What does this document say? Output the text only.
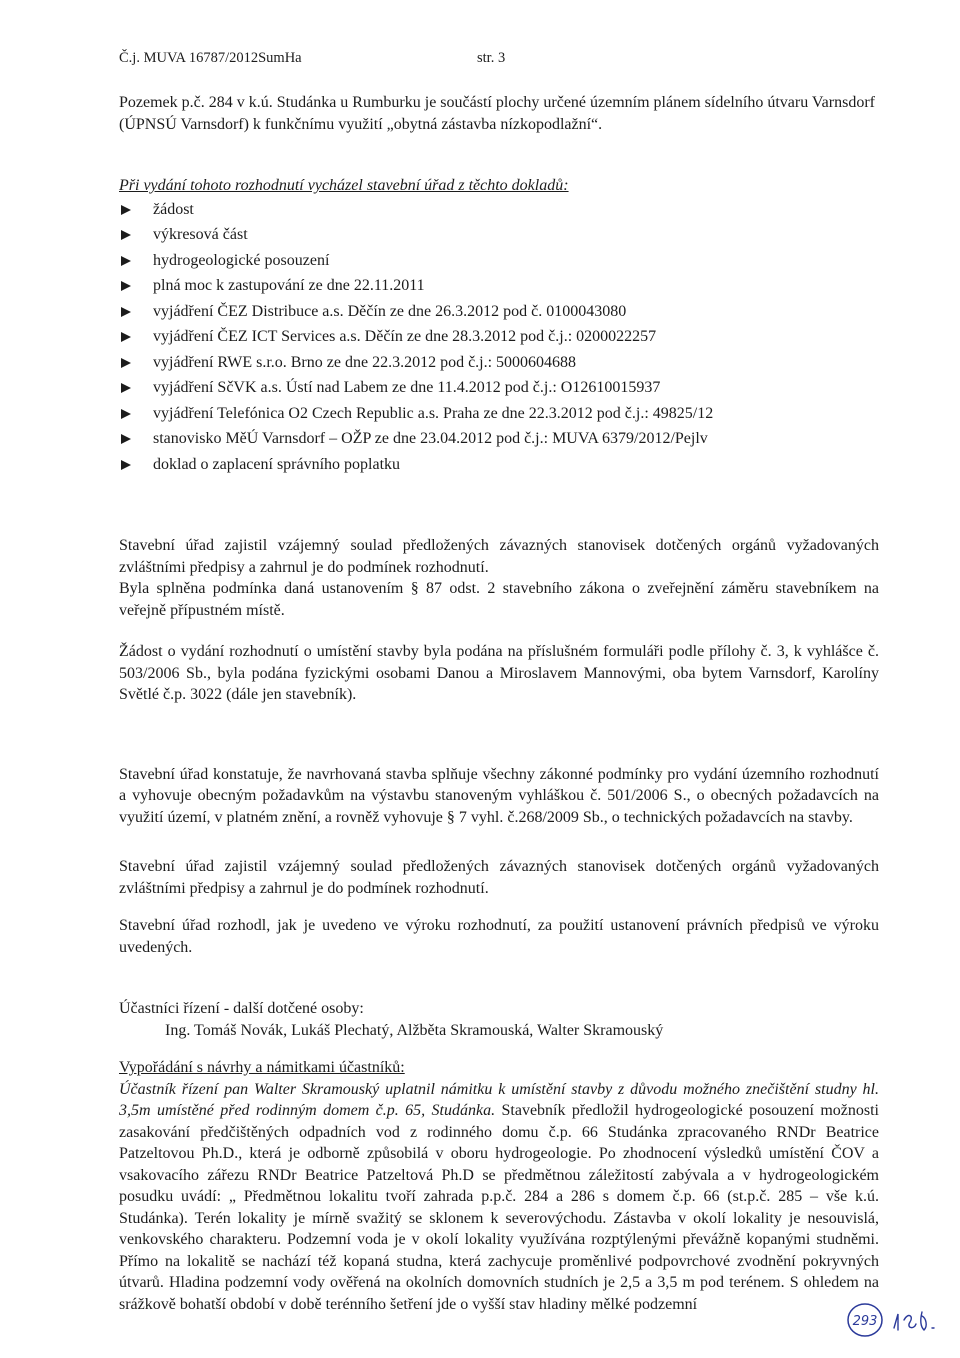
Č.j. MUVA 16787/2012SumHa	str. 3

Pozemek p.č. 284 v k.ú. Studánka u Rumburku je součástí plochy určené územním plánem sídelního útvaru Varnsdorf (ÚPNSÚ Varnsdorf) k funkčnímu využití „obytná zástavba nízkopodlažní“.

Při vydání tohoto rozhodnutí vycházel stavební úřad z těchto dokladů:

žádost
výkresová část
hydrogeologické posouzení
plná moc k zastupování ze dne 22.11.2011
vyjádření ČEZ Distribuce a.s. Děčín ze dne 26.3.2012 pod č. 0100043080
vyjádření ČEZ ICT Services a.s. Děčín ze dne 28.3.2012 pod č.j.: 0200022257
vyjádření RWE s.r.o. Brno ze dne 22.3.2012 pod č.j.: 5000604688
vyjádření SčVK a.s. Ústí nad Labem ze dne 11.4.2012 pod č.j.: O12610015937
vyjádření Telefónica O2 Czech Republic a.s. Praha ze dne 22.3.2012 pod č.j.: 49825/12
stanovisko MěÚ Varnsdorf – OŽP ze dne 23.04.2012 pod č.j.: MUVA 6379/2012/Pejlv
doklad o zaplacení správního poplatku

Stavební úřad zajistil vzájemný soulad předložených závazných stanovisek dotčených orgánů vyžadovaných zvláštními předpisy a zahrnul je do podmínek rozhodnutí.

Byla splněna podmínka daná ustanovením § 87 odst. 2 stavebního zákona o zveřejnění záměru stavebníkem na veřejně přípustném místě.

Žádost o vydání rozhodnutí o umístění stavby byla podána na příslušném formuláři podle přílohy č. 3, k vyhlášce č. 503/2006 Sb., byla podána fyzickými osobami Danou a Miroslavem Mannovými, oba bytem Varnsdorf, Karolíny Světlé č.p. 3022 (dále jen stavebník).

Stavební úřad konstatuje, že navrhovaná stavba splňuje všechny zákonné podmínky pro vydání územního rozhodnutí a vyhovuje obecným požadavkům na výstavbu stanoveným vyhláškou č. 501/2006 S., o obecných požadavcích na využití území, v platném znění, a rovněž vyhovuje § 7 vyhl. č.268/2009 Sb., o technických požadavcích na stavby.

Stavební úřad zajistil vzájemný soulad předložených závazných stanovisek dotčených orgánů vyžadovaných zvláštními předpisy a zahrnul je do podmínek rozhodnutí.

Stavební úřad rozhodl, jak je uvedeno ve výroku rozhodnutí, za použití ustanovení právních předpisů ve výroku uvedených.

Účastníci řízení - další dotčené osoby:

Ing. Tomáš Novák, Lukáš Plechatý, Alžběta Skramouská, Walter Skramouský

Vypořádání s návrhy a námitkami účastníků:

Účastník řízení pan Walter Skramouský uplatnil námitku k umístění stavby z důvodu možného znečištění studny hl. 3,5m umístěné před rodinným domem č.p. 65, Studánka. Stavebník předložil hydrogeologické posouzení možnosti zasakování předčištěných odpadních vod z rodinného domu č.p. 66 Studánka zpracovaného RNDr Beatrice Patzeltovou Ph.D., která je odborně způsobilá v oboru hydrogeologie. Po zhodnocení výsledků umístění ČOV a vsakovacího zářezu RNDr Beatrice Patzeltová Ph.D se předmětnou záležitostí zabývala a v hydrogeologickém posudku uvádí: „ Předmětnou lokalitu tvoří zahrada p.p.č. 284 a 286 s domem č.p. 66 (st.p.č. 285 – vše k.ú. Studánka). Terén lokality je mírně svažitý se sklonem k severovýchodu. Zástavba v okolí lokality je nesouvislá, venkovského charakteru. Podzemní voda je v okolí lokality využívána rozptýlenými převážně kopanými studněmi. Přímo na lokalitě se nachází též kopaná studna, která zachycuje proměnlivé podpovrchové zvodnění pokryvných útvarů. Hladina podzemní vody ověřená na okolních domovních studních je 2,5 a 3,5 m pod terénem. S ohledem na srážkově bohatší období v době terénního šetření jde o vyšší stav hladiny mělké podzemní

293
